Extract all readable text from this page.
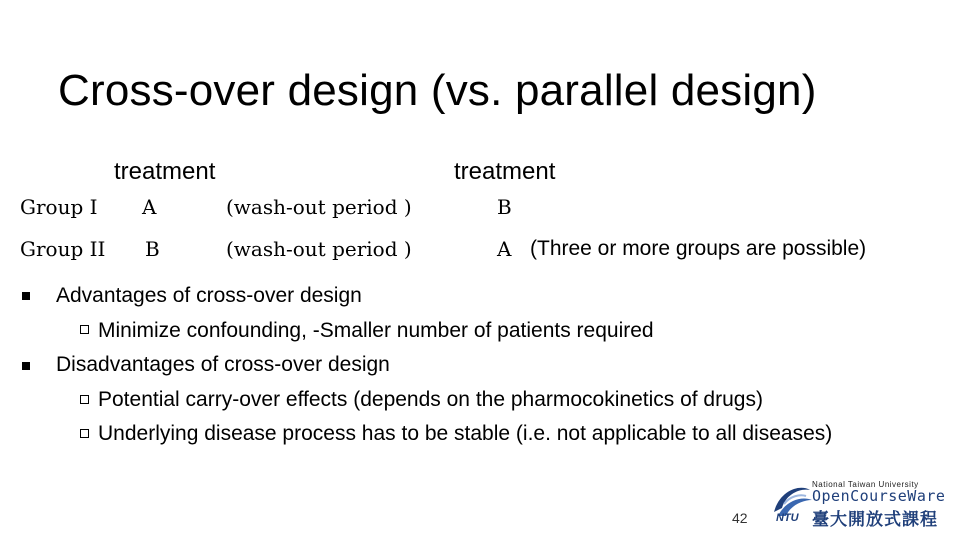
Cross-over design (vs. parallel design)
treatment	treatment
Group I A	(wash-out period )	B
Group II B	(wash-out period )	A (Three or more groups are possible)
Advantages of cross-over design
Minimize confounding, -Smaller number of patients required
Disadvantages of cross-over design
Potential carry-over effects (depends on the pharmocokinetics of drugs)
Underlying disease process has to be stable (i.e. not applicable to all diseases)
42	NTU
National Taiwan University
OpenCourseWare
臺大開放式課程
